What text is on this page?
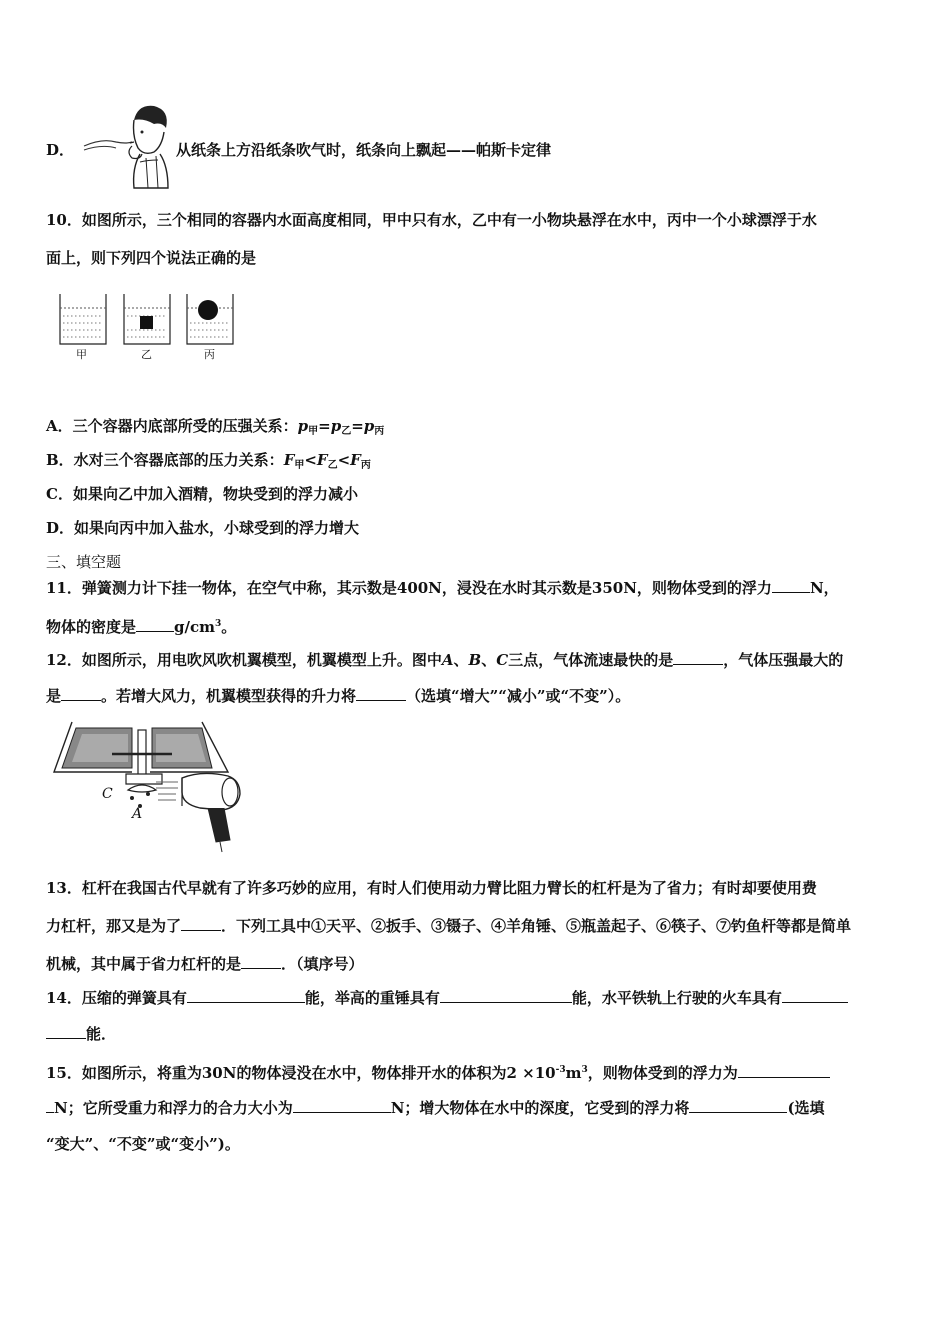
D．	从纸条上方沿纸条吹气时，纸条向上飘起——帕斯卡定律
10．如图所示，三个相同的容器内水面高度相同，甲中只有水，乙中有一小物块悬浮在水中，丙中一个小球漂浮于水
面上，则下列四个说法正确的是
甲	乙	丙
A．三个容器内底部所受的压强关系：$p_甲=p_乙=p_丙$
B．水对三个容器底部的压力关系：$F_甲<F_乙<F_丙$
C．如果向乙中加入酒精，物块受到的浮力减小
D．如果向丙中加入盐水，小球受到的浮力增大
三、填空题
11．弹簧测力计下挂一物体，在空气中称，其示数是400N，浸没在水时其示数是350N，则物体受到的浮力	N，
物体的密度是	$g/cm^3$。
12．如图所示，用电吹风吹机翼模型，机翼模型上升。图中A、B、C三点，气体流速最快的是	，气体压强最大的
是	。若增大风力，机翼模型获得的升力将	（选填“增大”“减小”或“不变”）。
C
A
13．杠杆在我国古代早就有了许多巧妙的应用，有时人们使用动力臂比阻力臂长的杠杆是为了省力；有时却要使用费
力杠杆，那又是为了	．下列工具中①天平、②扳手、③镊子、④羊角锤、⑤瓶盖起子、⑥筷子、⑦钓鱼杆等都是简单
机械，其中属于省力杠杆的是	．（填序号）
14．压缩的弹簧具有	能，举高的重锤具有	能，水平铁轨上行驶的火车具有
能．
15．如图所示，将重为30N的物体浸没在水中，物体排开水的体积为$2 \times 10^{-3}m^3$，则物体受到的浮力为
N；它所受重力和浮力的合力大小为	N；增大物体在水中的深度，它受到的浮力将	(选填
“变大”、“不变”或“变小”)。
